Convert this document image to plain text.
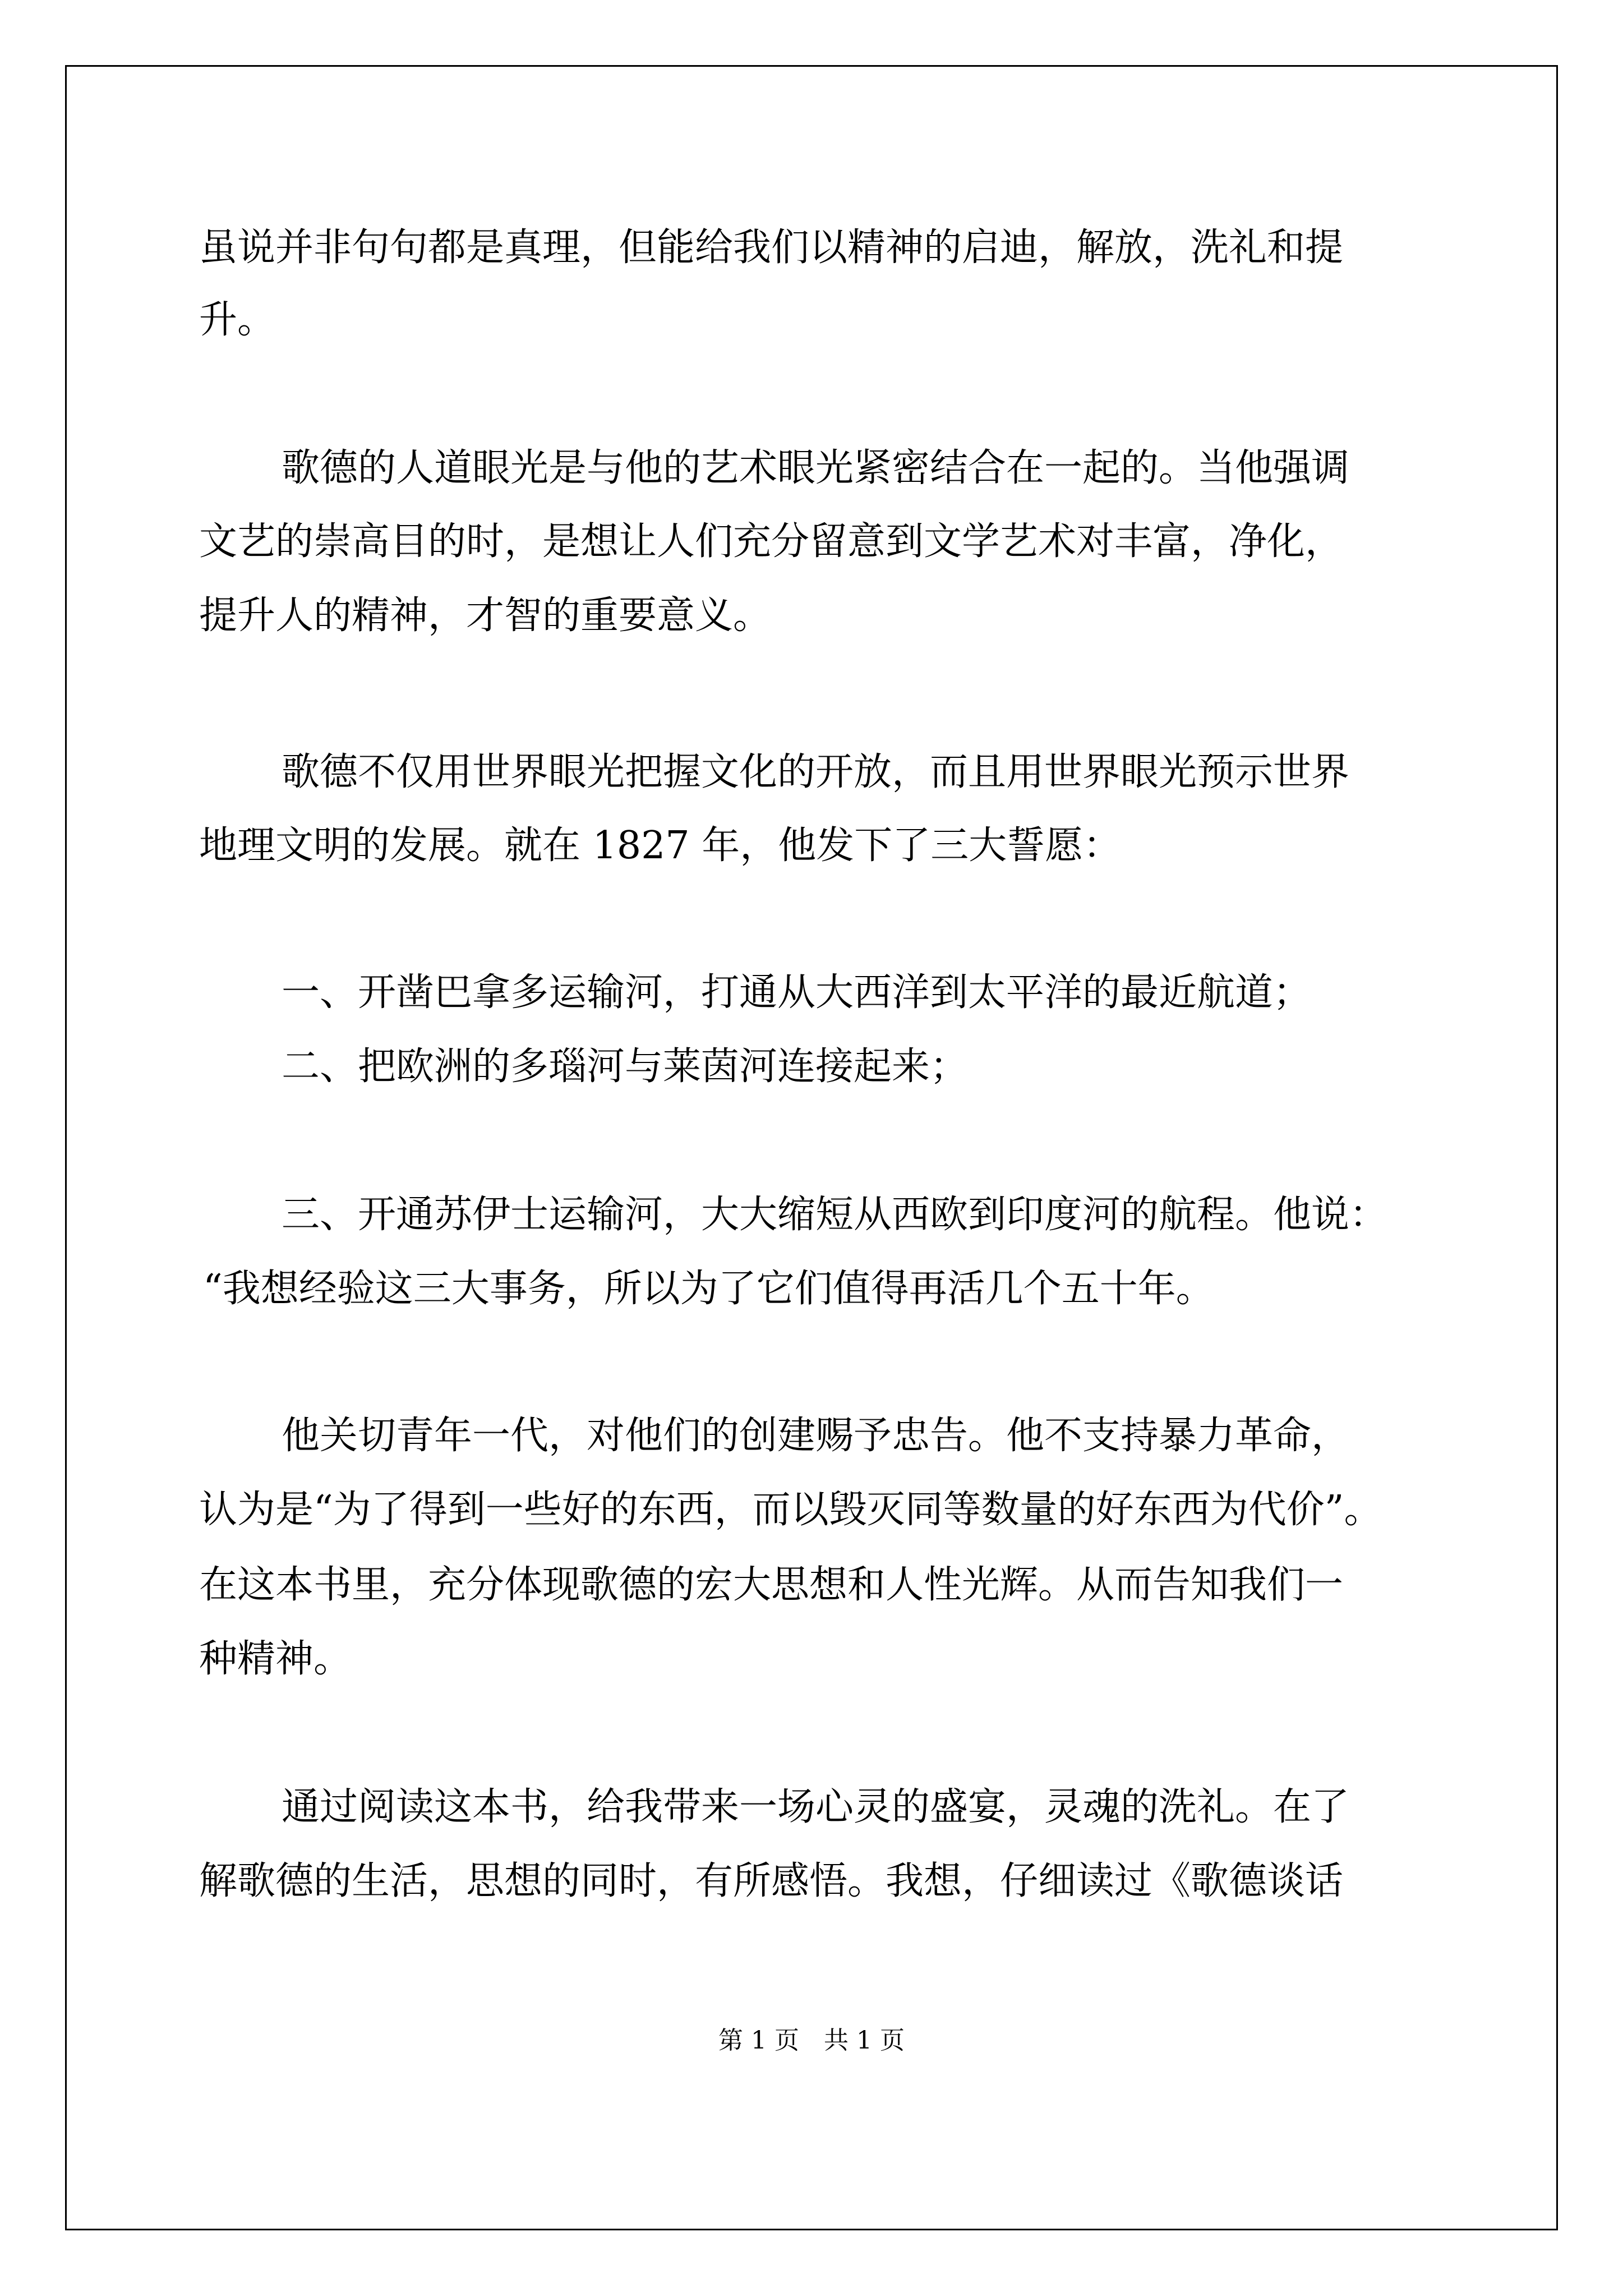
虽说并非句句都是真理，但能给我们以精神的启迪，解放，洗礼和提
升。
歌德的人道眼光是与他的艺术眼光紧密结合在一起的。当他强调
文艺的崇高目的时，是想让人们充分留意到文学艺术对丰富，净化，
提升人的精神，才智的重要意义。
歌德不仅用世界眼光把握文化的开放，而且用世界眼光预示世界
地理文明的发展。就在 1827 年，他发下了三大誓愿：
一、开凿巴拿多运输河，打通从大西洋到太平洋的最近航道；
二、把欧洲的多瑙河与莱茵河连接起来；
三、开通苏伊士运输河，大大缩短从西欧到印度河的航程。他说：
“我想经验这三大事务，所以为了它们值得再活几个五十年。
他关切青年一代，对他们的创建赐予忠告。他不支持暴力革命，
认为是“为了得到一些好的东西，而以毁灭同等数量的好东西为代价”。
在这本书里，充分体现歌德的宏大思想和人性光辉。从而告知我们一
种精神。
通过阅读这本书，给我带来一场心灵的盛宴，灵魂的洗礼。在了
解歌德的生活，思想的同时，有所感悟。我想，仔细读过《歌德谈话
第 1 页　共 1 页
